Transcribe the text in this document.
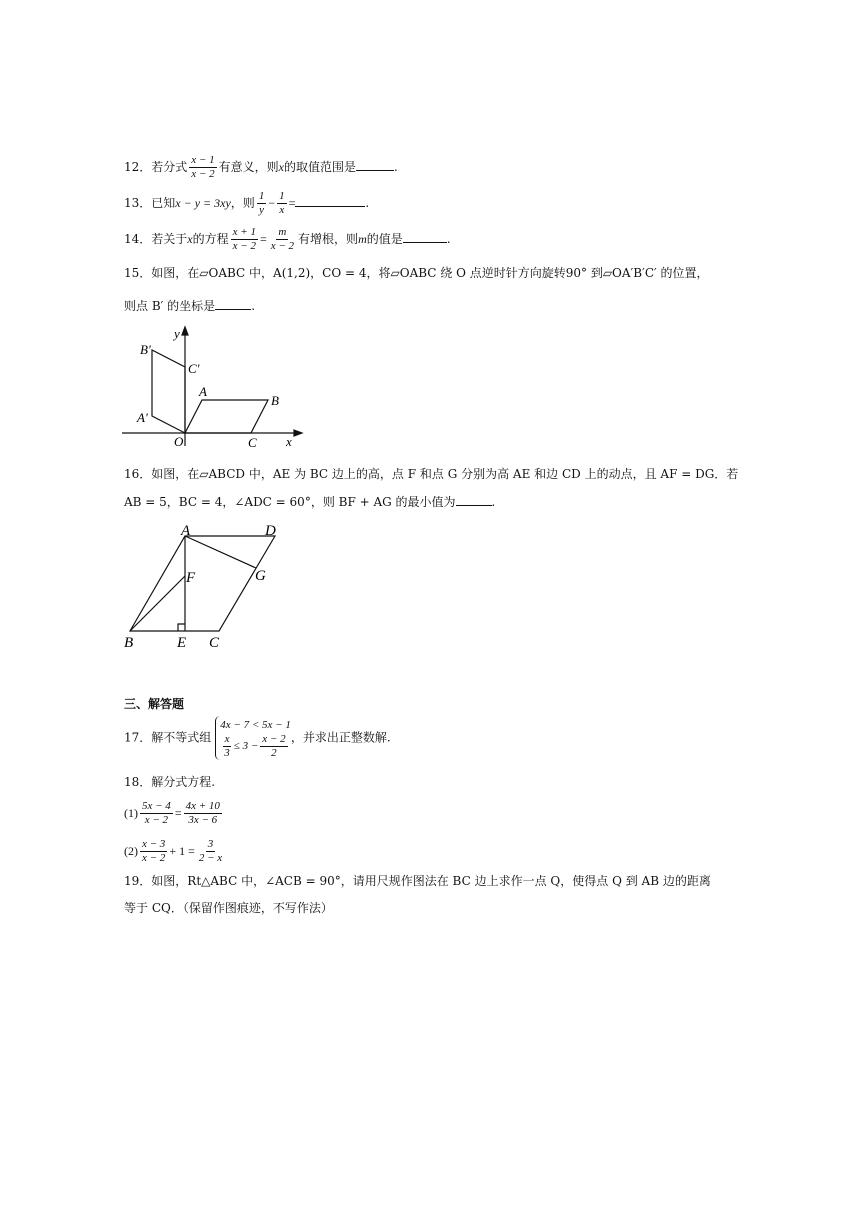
12．若分式 $\frac{x - 1}{x - 2}$ 有意义，则x的取值范围是	.
13．已知x − y = 3xy，则 $\frac{1}{y} - \frac{1}{x}$ =	.
14．若关于x的方程 $\frac{x + 1}{x - 2} = \frac{m}{x - 2}$ 有增根，则m的值是	.
15．如图，在▱OABC 中，A(1,2)，CO = 4，将▱OABC 绕 O 点逆时针方向旋转90° 到▱OA′B′C′ 的位置，
则点 B′ 的坐标是	.
y
x
O
A
B
C
A′
B′
C′
16．如图，在▱ABCD 中，AE 为 BC 边上的高，点 F 和点 G 分别为高 AE 和边 CD 上的动点，且 AF = DG．若
AB = 5，BC = 4，∠ADC = 60°，则 BF + AG 的最小值为	.
A	D
F	G
B	E C
三、解答题
17．解不等式组
4x − 7 < 5x − 1
$\frac{x}{3} \le 3 - \frac{x - 2}{2}$ ，并求出正整数解.
18．解分式方程.
$(1) \frac{5x - 4}{x - 2} = \frac{4x + 10}{3x - 6}$
$(2) \frac{x - 3}{x - 2} + 1 = \frac{3}{2 - x}$
19．如图，Rt△ABC 中，∠ACB = 90°，请用尺规作图法在 BC 边上求作一点 Q，使得点 Q 到 AB 边的距离
等于 CQ．（保留作图痕迹，不写作法）
